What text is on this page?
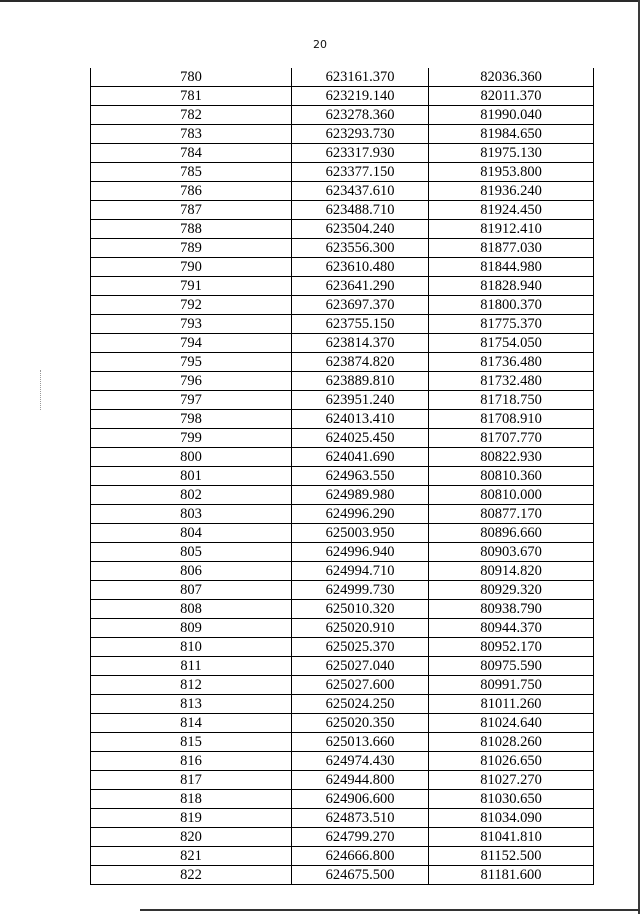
20
780	623161.370	82036.360
781	623219.140	82011.370
782	623278.360	81990.040
783	623293.730	81984.650
784	623317.930	81975.130
785	623377.150	81953.800
786	623437.610	81936.240
787	623488.710	81924.450
788	623504.240	81912.410
789	623556.300	81877.030
790	623610.480	81844.980
791	623641.290	81828.940
792	623697.370	81800.370
793	623755.150	81775.370
794	623814.370	81754.050
795	623874.820	81736.480
796	623889.810	81732.480
797	623951.240	81718.750
798	624013.410	81708.910
799	624025.450	81707.770
800	624041.690	80822.930
801	624963.550	80810.360
802	624989.980	80810.000
803	624996.290	80877.170
804	625003.950	80896.660
805	624996.940	80903.670
806	624994.710	80914.820
807	624999.730	80929.320
808	625010.320	80938.790
809	625020.910	80944.370
810	625025.370	80952.170
811	625027.040	80975.590
812	625027.600	80991.750
813	625024.250	81011.260
814	625020.350	81024.640
815	625013.660	81028.260
816	624974.430	81026.650
817	624944.800	81027.270
818	624906.600	81030.650
819	624873.510	81034.090
820	624799.270	81041.810
821	624666.800	81152.500
822	624675.500	81181.600
